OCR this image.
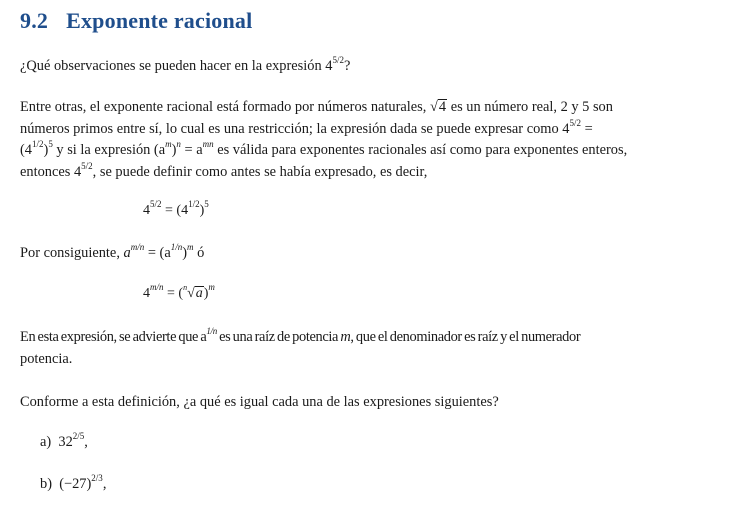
9.2 Exponente racional
¿Qué observaciones se pueden hacer en la expresión $4^{5/2}$?
Entre otras, el exponente racional está formado por números naturales, √4 es un número real, 2 y 5 son
números primos entre sí, lo cual es una restricción; la expresión dada se puede expresar como $4^{5/2}$ =
$(4^{1/2})^5$ y si la expresión $(a^m)^n = a^{mn}$ es válida para exponentes racionales así como para exponentes enteros,
entonces $4^{5/2}$, se puede definir como antes se había expresado, es decir,
$4^{5/2} = (4^{1/2})^5$
Por consiguiente, $a^{m/n} = (a^{1/n})^m$ ó
$4^{m/n} = (^n√a)^m$
En esta expresión, se advierte que $a^{1/n}$ es una raíz de potencia m, que el denominador es raíz y el numerador
potencia.
Conforme a esta definición, ¿a qué es igual cada una de las expresiones siguientes?
a) $32^{2/5}$,
b) $(-27)^{2/3}$,
